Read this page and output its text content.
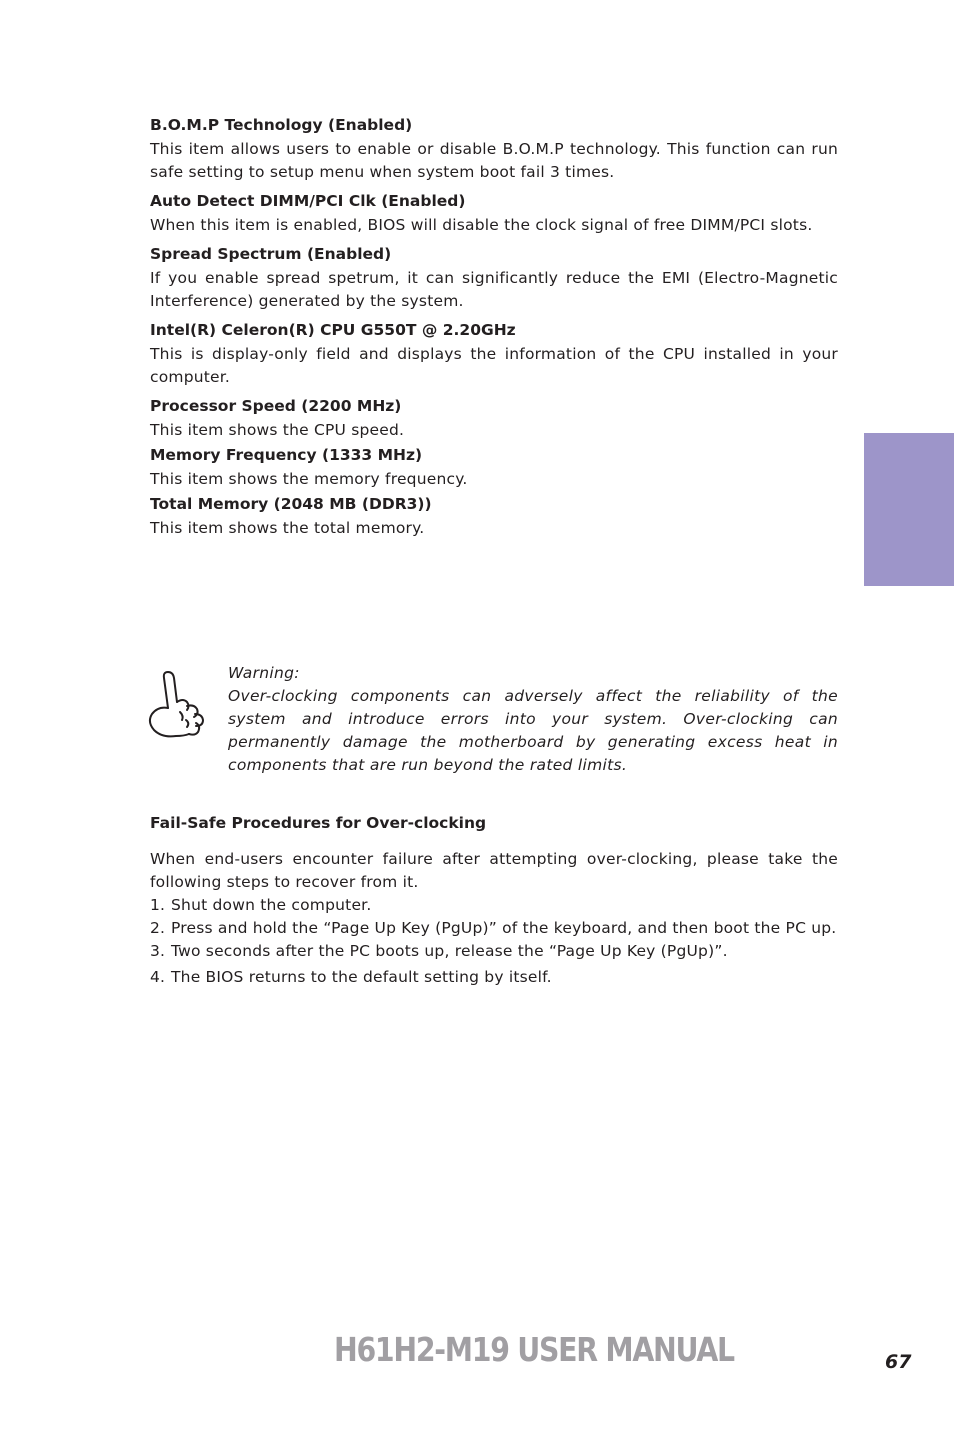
B.O.M.P Technology (Enabled)

This item allows users to enable or disable B.O.M.P technology. This function can run safe setting to setup menu when system boot fail 3 times.

Auto Detect DIMM/PCI Clk (Enabled)

When this item is enabled, BIOS will disable the clock signal of free DIMM/PCI slots.

Spread Spectrum (Enabled)

If you enable spread spetrum, it can significantly reduce the EMI (Electro-Magnetic Interference) generated by the system.

Intel(R) Celeron(R) CPU G550T @ 2.20GHz

This is display-only field and displays the information of the CPU installed in your computer.

Processor Speed (2200 MHz)

This item shows the CPU speed.

Memory Frequency (1333 MHz)

This item shows the memory frequency.

Total Memory (2048 MB (DDR3))

This item shows the total memory.

Warning:

Over-clocking components can adversely affect the reliability of the system and introduce errors into your system. Over-clocking can permanently damage the motherboard by generating excess heat in components that are run beyond the rated limits.

Fail-Safe Procedures for Over-clocking

When end-users encounter failure after attempting over-clocking, please take the following steps to recover from it.

1. Shut down the computer.
2. Press and hold the “Page Up Key (PgUp)” of the keyboard, and then boot the PC up.
3. Two seconds after the PC boots up, release the “Page Up Key (PgUp)”.
4. The BIOS returns to the default setting by itself.
H61H2-M19 USER MANUAL	67
